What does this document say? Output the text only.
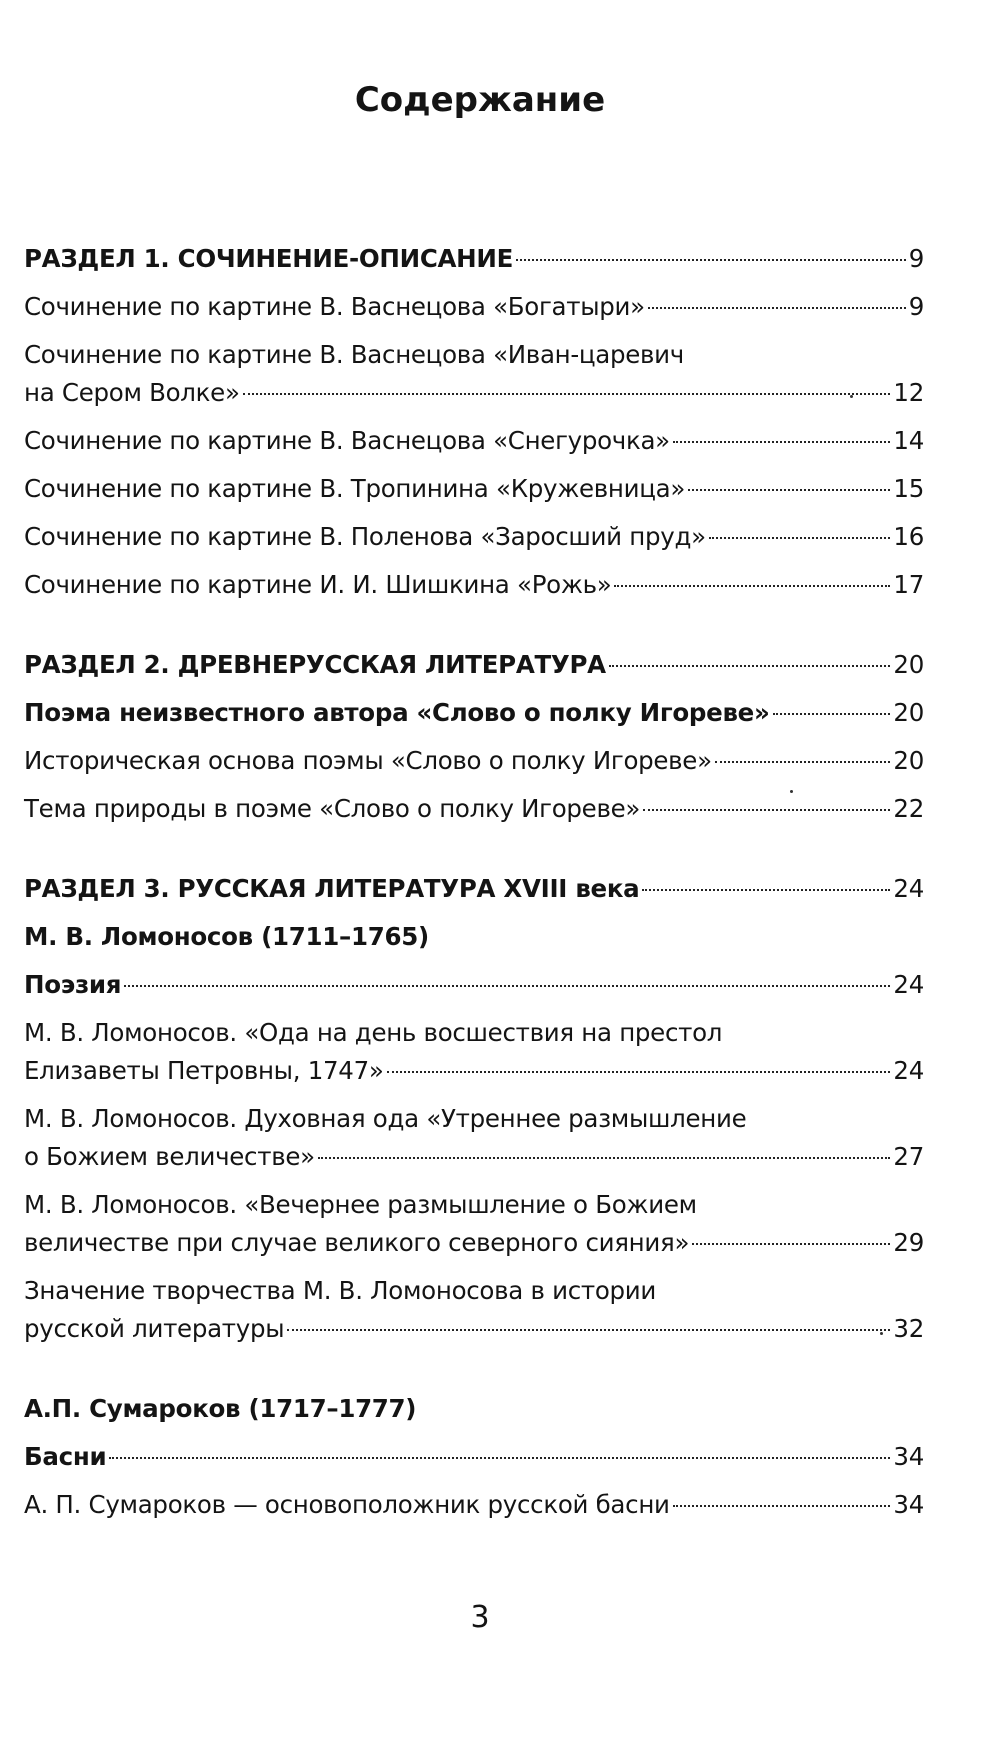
Содержание
РАЗДЕЛ 1. СОЧИНЕНИЕ-ОПИСАНИЕ	9
Сочинение по картине В. Васнецова «Богатыри»	9
Сочинение по картине В. Васнецова «Иван-царевич
на Сером Волке»	12
Сочинение по картине В. Васнецова «Снегурочка»	14
Сочинение по картине В. Тропинина «Кружевница»	15
Сочинение по картине В. Поленова «Заросший пруд»	16
Сочинение по картине И. И. Шишкина «Рожь»	17
РАЗДЕЛ 2. ДРЕВНЕРУССКАЯ ЛИТЕРАТУРА	20
Поэма неизвестного автора «Слово о полку Игореве»	20
Историческая основа поэмы «Слово о полку Игореве»	20
Тема природы в поэме «Слово о полку Игореве»	22
РАЗДЕЛ 3. РУССКАЯ ЛИТЕРАТУРА XVIII века	24
М. В. Ломоносов (1711–1765)
Поэзия	24
М. В. Ломоносов. «Ода на день восшествия на престол
Елизаветы Петровны, 1747»	24
М. В. Ломоносов. Духовная ода «Утреннее размышление
о Божием величестве»	27
М. В. Ломоносов. «Вечернее размышление о Божием
величестве при случае великого северного сияния»	29
Значение творчества М. В. Ломоносова в истории
русской литературы	32
А.П. Сумароков (1717–1777)
Басни	34
А. П. Сумароков — основоположник русской басни	34
3
